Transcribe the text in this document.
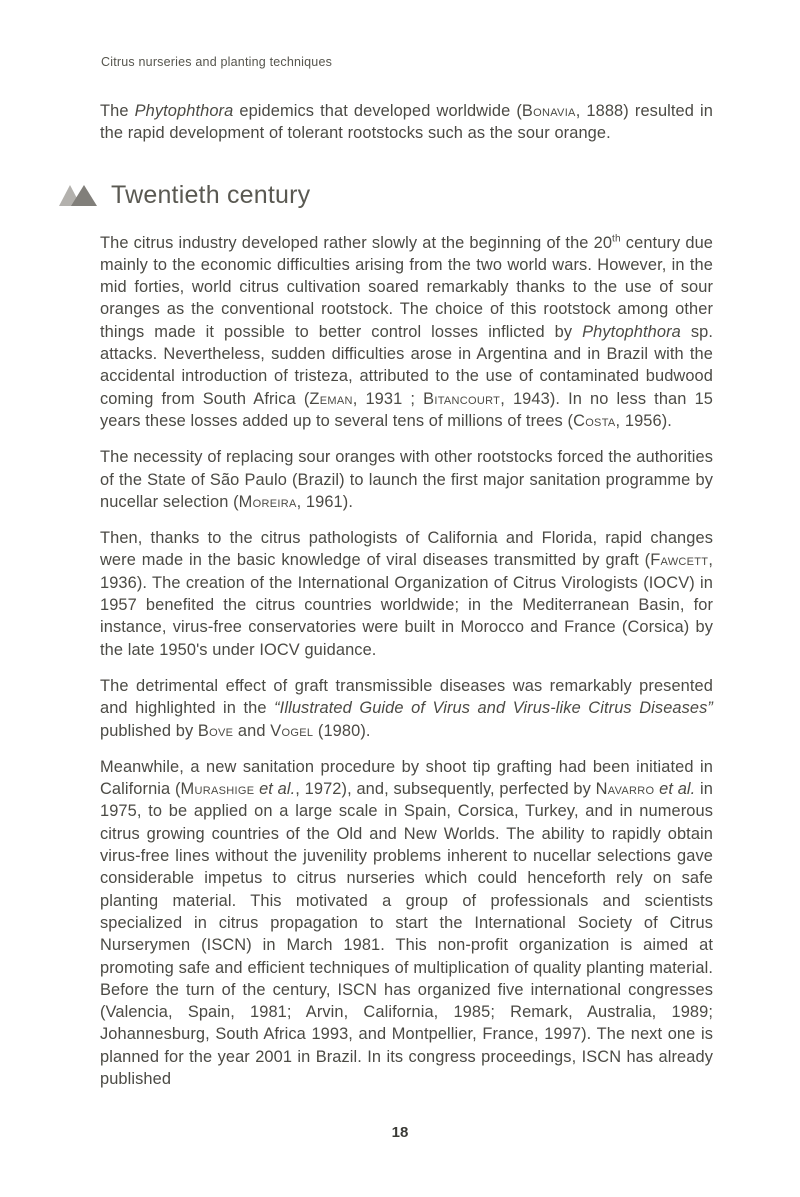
Citrus nurseries and planting techniques

The Phytophthora epidemics that developed worldwide (Bonavia, 1888) resulted in the rapid development of tolerant rootstocks such as the sour orange.

Twentieth century

The citrus industry developed rather slowly at the beginning of the 20th century due mainly to the economic difficulties arising from the two world wars. However, in the mid forties, world citrus cultivation soared remarkably thanks to the use of sour oranges as the conventional rootstock. The choice of this rootstock among other things made it possible to better control losses inflicted by Phytophthora sp. attacks. Nevertheless, sudden difficulties arose in Argentina and in Brazil with the accidental introduction of tristeza, attributed to the use of contaminated budwood coming from South Africa (Zeman, 1931 ; Bitancourt, 1943). In no less than 15 years these losses added up to several tens of millions of trees (Costa, 1956).

The necessity of replacing sour oranges with other rootstocks forced the authorities of the State of São Paulo (Brazil) to launch the first major sanitation programme by nucellar selection (Moreira, 1961).

Then, thanks to the citrus pathologists of California and Florida, rapid changes were made in the basic knowledge of viral diseases transmitted by graft (Fawcett, 1936). The creation of the International Organization of Citrus Virologists (IOCV) in 1957 benefited the citrus countries worldwide; in the Mediterranean Basin, for instance, virus-free conservatories were built in Morocco and France (Corsica) by the late 1950's under IOCV guidance.

The detrimental effect of graft transmissible diseases was remarkably presented and highlighted in the “Illustrated Guide of Virus and Virus-like Citrus Diseases” published by Bove and Vogel (1980).

Meanwhile, a new sanitation procedure by shoot tip grafting had been initiated in California (Murashige et al., 1972), and, subsequently, perfected by Navarro et al. in 1975, to be applied on a large scale in Spain, Corsica, Turkey, and in numerous citrus growing countries of the Old and New Worlds. The ability to rapidly obtain virus-free lines without the juvenility problems inherent to nucellar selections gave considerable impetus to citrus nurseries which could henceforth rely on safe planting material. This motivated a group of professionals and scientists specialized in citrus propagation to start the International Society of Citrus Nurserymen (ISCN) in March 1981. This non-profit organization is aimed at promoting safe and efficient techniques of multiplication of quality planting material. Before the turn of the century, ISCN has organized five international congresses (Valencia, Spain, 1981; Arvin, California, 1985; Remark, Australia, 1989; Johannesburg, South Africa 1993, and Montpellier, France, 1997). The next one is planned for the year 2001 in Brazil. In its congress proceedings, ISCN has already published

18
